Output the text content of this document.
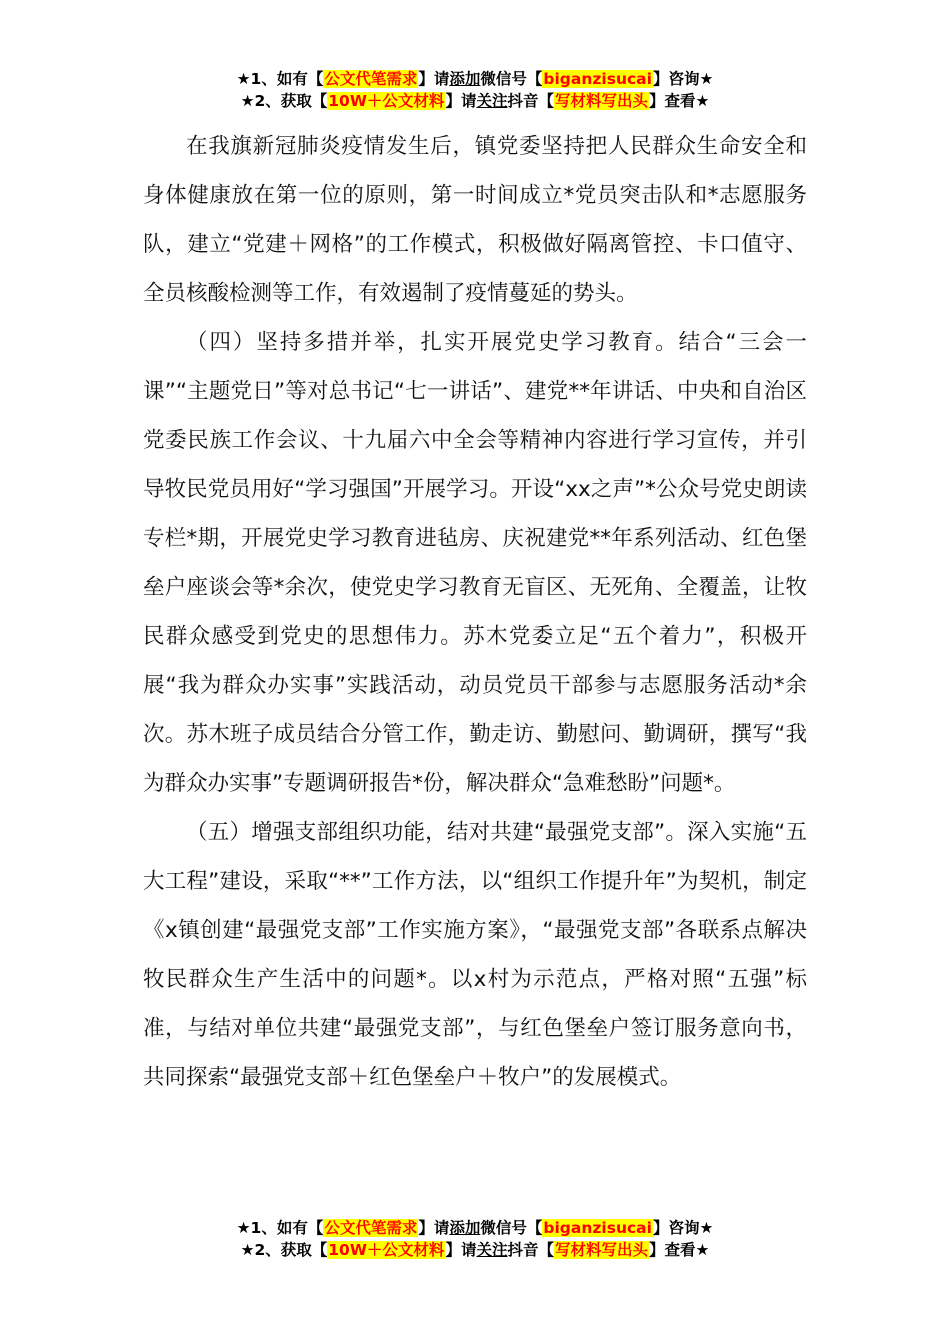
★1、如有【公文代笔需求】请添加微信号【biganzisucai】咨询★
★2、获取【10W＋公文材料】请关注抖音【写材料写出头】查看★

在我旗新冠肺炎疫情发生后，镇党委坚持把人民群众生命安全和身体健康放在第一位的原则，第一时间成立*党员突击队和*志愿服务队，建立“党建＋网格”的工作模式，积极做好隔离管控、卡口值守、全员核酸检测等工作，有效遏制了疫情蔓延的势头。

（四）坚持多措并举，扎实开展党史学习教育。结合“三会一课”“主题党日”等对总书记“七一讲话”、建党**年讲话、中央和自治区党委民族工作会议、十九届六中全会等精神内容进行学习宣传，并引导牧民党员用好“学习强国”开展学习。开设“xx之声”*公众号党史朗读专栏*期，开展党史学习教育进毡房、庆祝建党**年系列活动、红色堡垒户座谈会等*余次，使党史学习教育无盲区、无死角、全覆盖，让牧民群众感受到党史的思想伟力。苏木党委立足“五个着力”，积极开展“我为群众办实事”实践活动，动员党员干部参与志愿服务活动*余次。苏木班子成员结合分管工作，勤走访、勤慰问、勤调研，撰写“我为群众办实事”专题调研报告*份，解决群众“急难愁盼”问题*。

（五）增强支部组织功能，结对共建“最强党支部”。深入实施“五大工程”建设，采取“**”工作方法，以“组织工作提升年”为契机，制定《x镇创建“最强党支部”工作实施方案》，“最强党支部”各联系点解决牧民群众生产生活中的问题*。以x村为示范点，严格对照“五强”标准，与结对单位共建“最强党支部”，与红色堡垒户签订服务意向书，共同探索“最强党支部＋红色堡垒户＋牧户”的发展模式。

★1、如有【公文代笔需求】请添加微信号【biganzisucai】咨询★
★2、获取【10W＋公文材料】请关注抖音【写材料写出头】查看★
